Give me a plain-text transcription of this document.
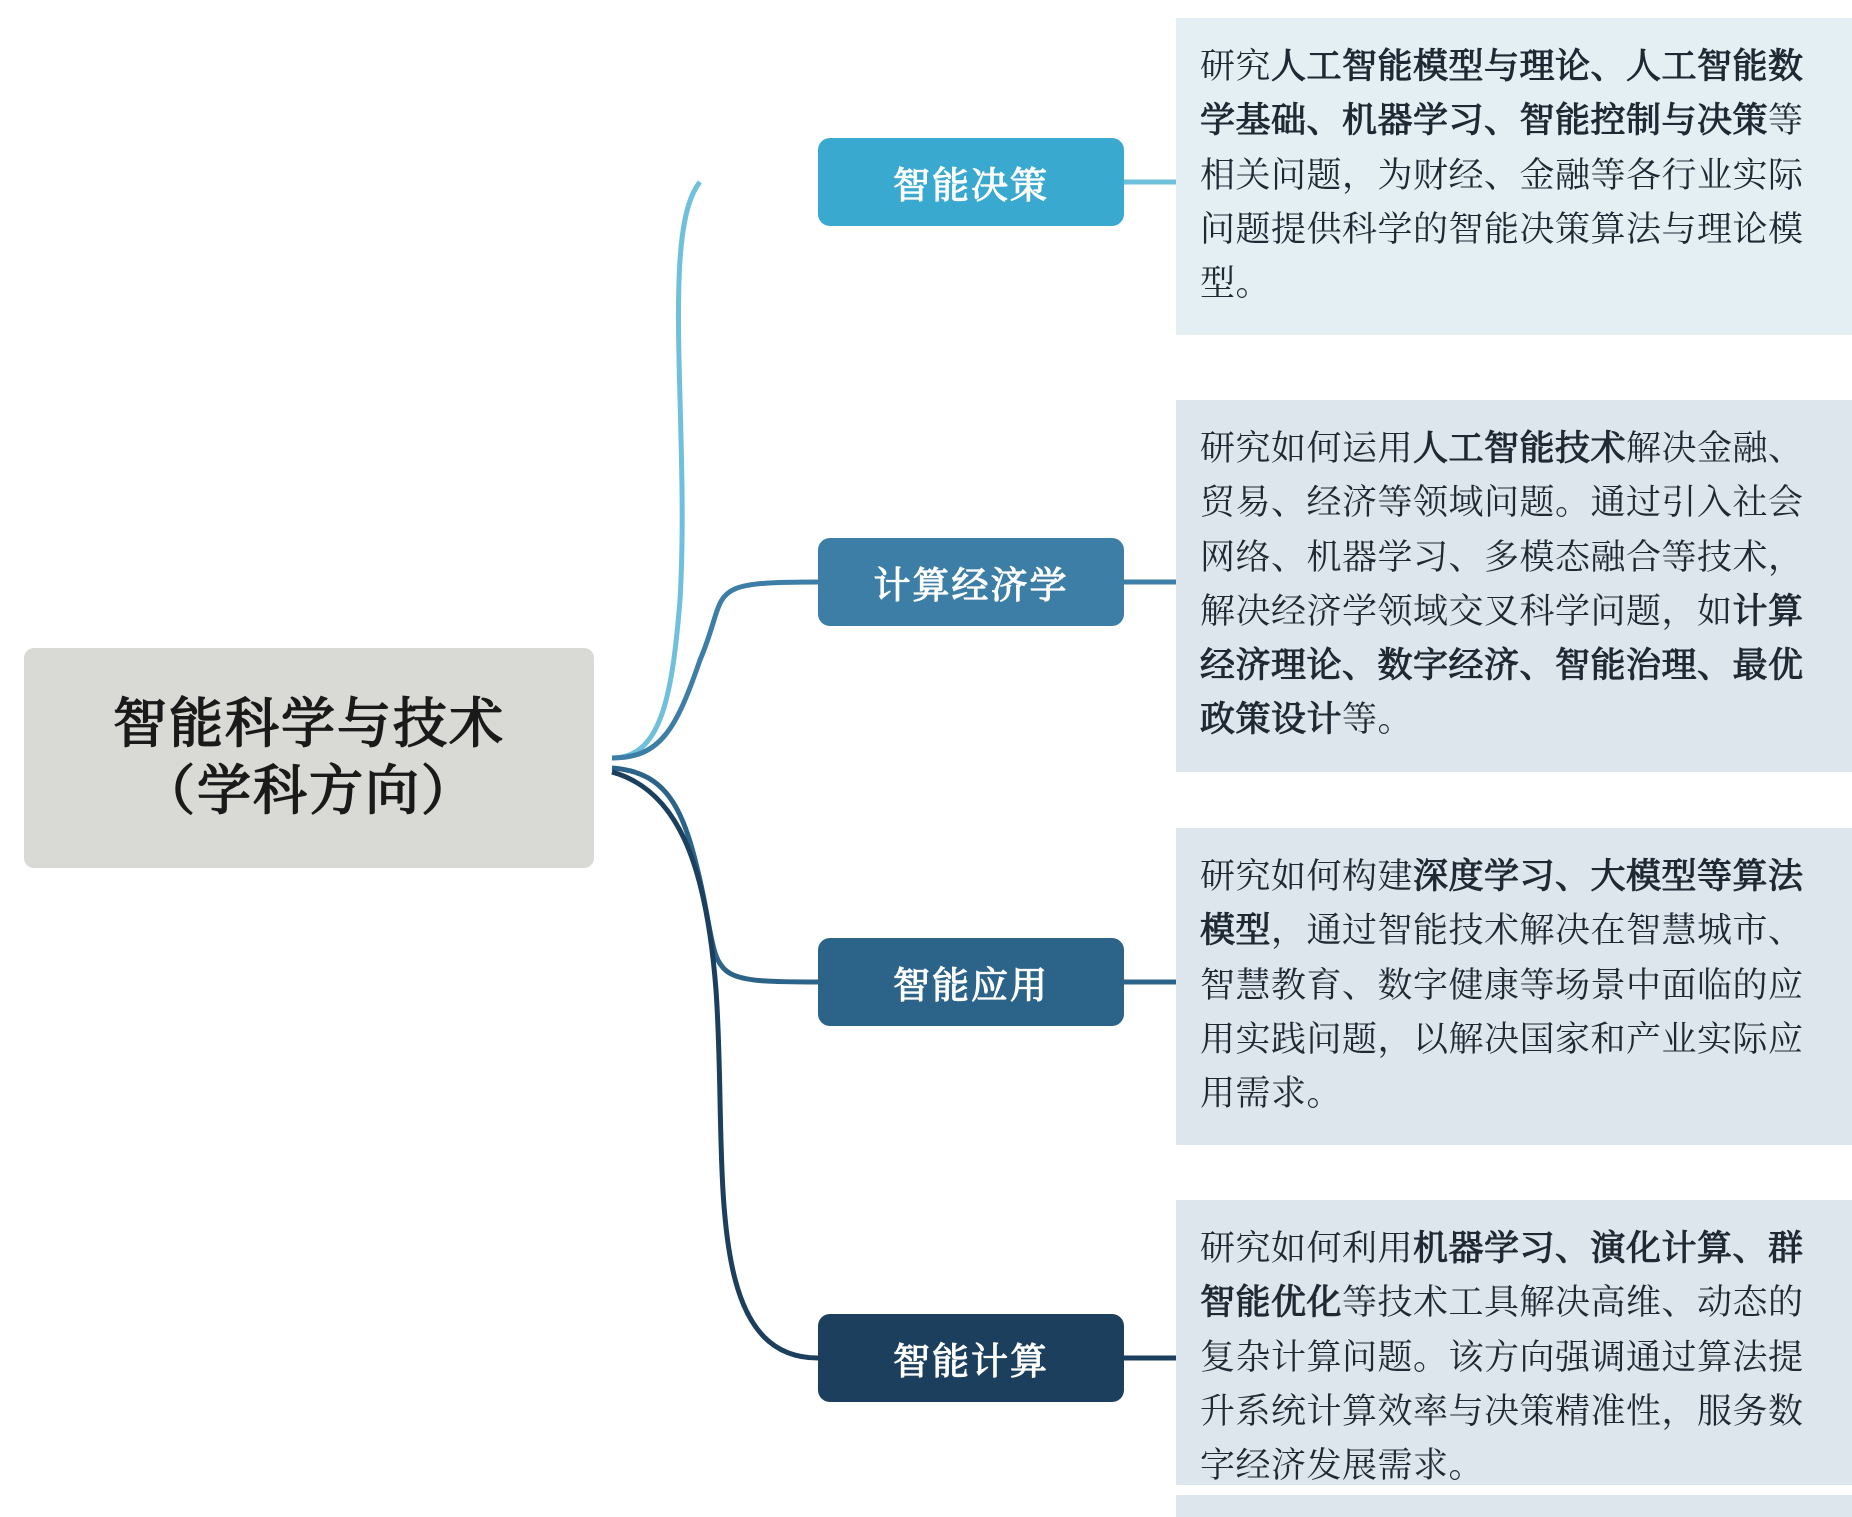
智能科学与技术
（学科方向）
智能决策
研究人工智能模型与理论、人工智能数学基础、机器学习、智能控制与决策等相关问题，为财经、金融等各行业实际问题提供科学的智能决策算法与理论模型。
计算经济学
研究如何运用人工智能技术解决金融、贸易、经济等领域问题。通过引入社会网络、机器学习、多模态融合等技术，解决经济学领域交叉科学问题，如计算经济理论、数字经济、智能治理、最优政策设计等。
智能应用
研究如何构建深度学习、大模型等算法模型，通过智能技术解决在智慧城市、智慧教育、数字健康等场景中面临的应用实践问题，以解决国家和产业实际应用需求。
智能计算
研究如何利用机器学习、演化计算、群智能优化等技术工具解决高维、动态的复杂计算问题。该方向强调通过算法提升系统计算效率与决策精准性，服务数字经济发展需求。
